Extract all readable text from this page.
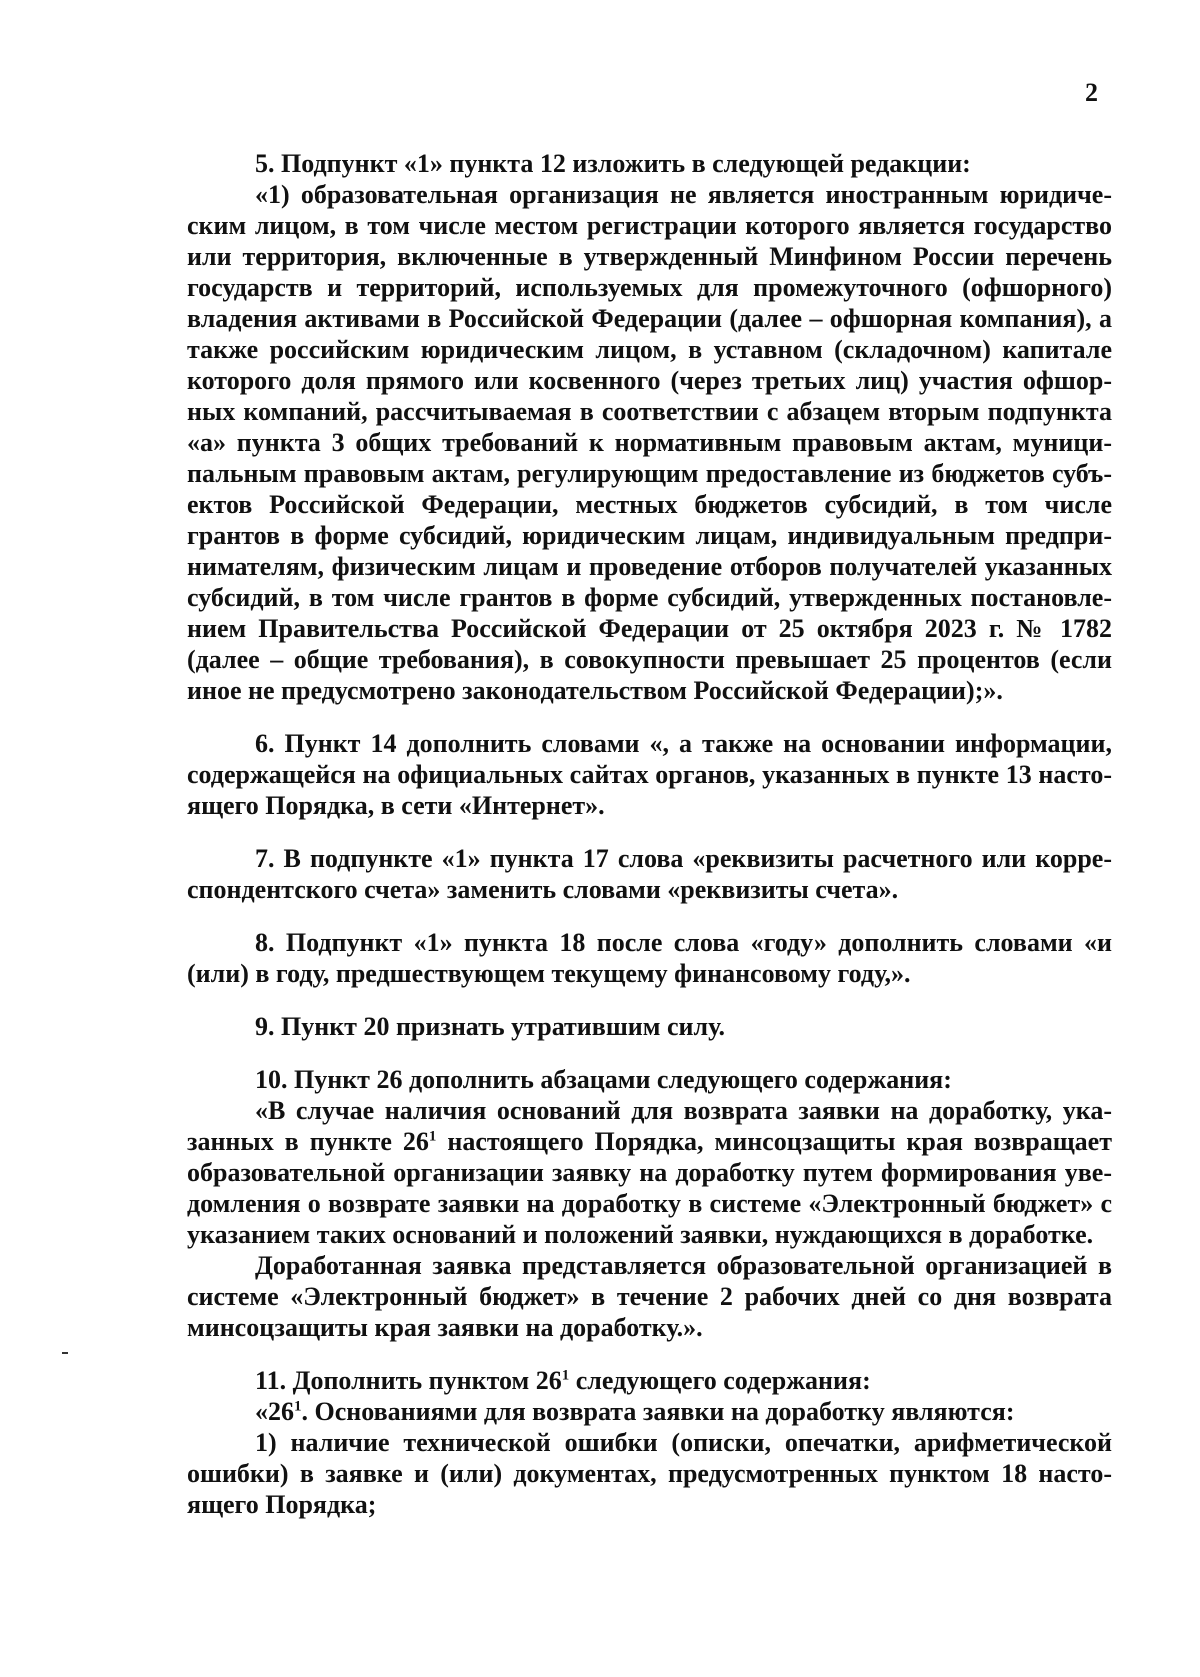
2

5. Подпункт «1» пункта 12 изложить в следующей редакции:

«1) образовательная организация не является иностранным юридическим лицом, в том числе местом регистрации которого является государство или территория, включенные в утвержденный Минфином России перечень государств и территорий, используемых для промежуточного (офшорного) владения активами в Российской Федерации (далее – офшорная компания), а также российским юридическим лицом, в уставном (складочном) капитале которого доля прямого или косвенного (через третьих лиц) участия офшорных компаний, рассчитываемая в соответствии с абзацем вторым подпункта «а» пункта 3 общих требований к нормативным правовым актам, муниципальным правовым актам, регулирующим предоставление из бюджетов субъектов Российской Федерации, местных бюджетов субсидий, в том числе грантов в форме субсидий, юридическим лицам, индивидуальным предпринимателям, физическим лицам и проведение отборов получателей указанных субсидий, в том числе грантов в форме субсидий, утвержденных постановлением Правительства Российской Федерации от 25 октября 2023 г. № 1782 (далее – общие требования), в совокупности превышает 25 процентов (если иное не предусмотрено законодательством Российской Федерации);».

6. Пункт 14 дополнить словами «, а также на основании информации, содержащейся на официальных сайтах органов, указанных в пункте 13 настоящего Порядка, в сети «Интернет».

7. В подпункте «1» пункта 17 слова «реквизиты расчетного или корреспондентского счета» заменить словами «реквизиты счета».

8. Подпункт «1» пункта 18 после слова «году» дополнить словами «и (или) в году, предшествующем текущему финансовому году,».

9. Пункт 20 признать утратившим силу.

10. Пункт 26 дополнить абзацами следующего содержания:

«В случае наличия оснований для возврата заявки на доработку, указанных в пункте $26^1$ настоящего Порядка, минсоцзащиты края возвращает образовательной организации заявку на доработку путем формирования уведомления о возврате заявки на доработку в системе «Электронный бюджет» с указанием таких оснований и положений заявки, нуждающихся в доработке.

Доработанная заявка представляется образовательной организацией в системе «Электронный бюджет» в течение 2 рабочих дней со дня возврата минсоцзащиты края заявки на доработку.».

11. Дополнить пунктом $26^1$ следующего содержания:

«$26^1$. Основаниями для возврата заявки на доработку являются:

1) наличие технической ошибки (описки, опечатки, арифметической ошибки) в заявке и (или) документах, предусмотренных пунктом 18 настоящего Порядка;
